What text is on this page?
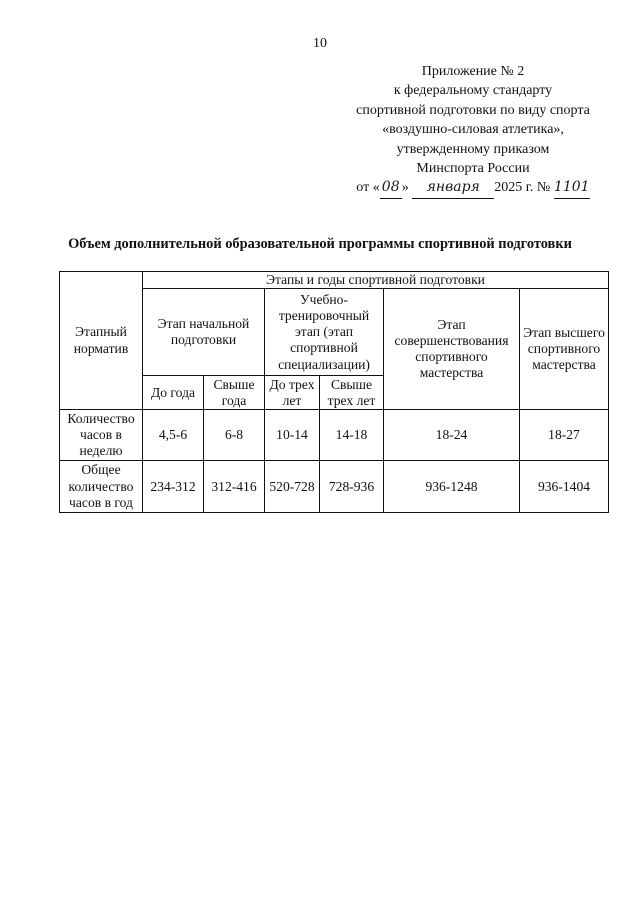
10
Приложение № 2
к федеральному стандарту
спортивной подготовки по виду спорта
«воздушно-силовая атлетика»,
утвержденному приказом
Минспорта России
от « 08 » января 2025 г. № 1101
Объем дополнительной образовательной программы спортивной подготовки
Этапный норматив	Этапы и годы спортивной подготовки					
	Этап начальной подготовки		Учебно-тренировочный этап (этап спортивной специализации)		Этап совершенствования спортивного мастерства	Этап высшего спортивного мастерства
	До года	Свыше года	До трех лет	Свыше трех лет		
Количество часов в неделю	4,5-6	6-8	10-14	14-18	18-24	18-27
Общее количество часов в год	234-312	312-416	520-728	728-936	936-1248	936-1404
